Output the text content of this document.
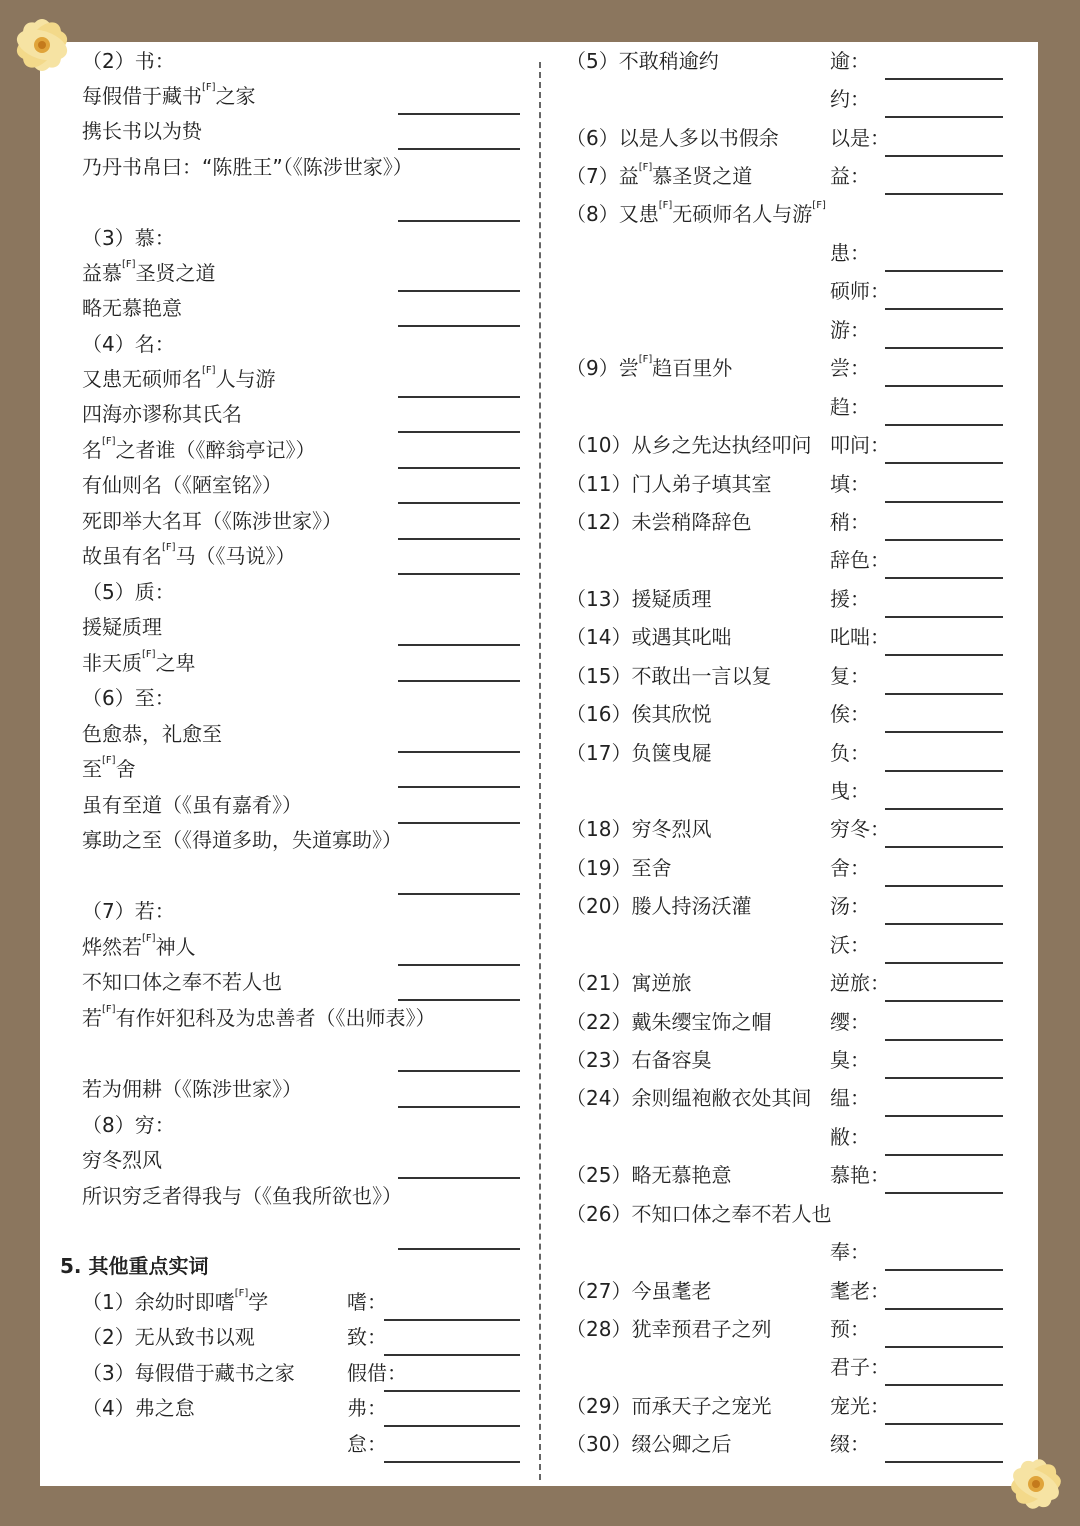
（2）书：
每假借于藏书[F]之家
携长书以为贽
乃丹书帛曰：“陈胜王”（《陈涉世家》）
（3）慕：
益慕[F]圣贤之道
略无慕艳意
（4）名：
又患无硕师名[F]人与游
四海亦谬称其氏名
名[F]之者谁（《醉翁亭记》）
有仙则名（《陋室铭》）
死即举大名耳（《陈涉世家》）
故虽有名[F]马（《马说》）
（5）质：
援疑质理
非天质[F]之卑
（6）至：
色愈恭，礼愈至
至[F]舍
虽有至道（《虽有嘉肴》）
寡助之至（《得道多助，失道寡助》）
（7）若：
烨然若[F]神人
不知口体之奉不若人也
若[F]有作奸犯科及为忠善者（《出师表》）
若为佣耕（《陈涉世家》）
（8）穷：
穷冬烈风
所识穷乏者得我与（《鱼我所欲也》）
5. 其他重点实词
（1）余幼时即嗜[F]学	嗜：
（2）无从致书以观	致：
（3）每假借于藏书之家	假借：
（4）弗之怠	弗：
怠：
（5）不敢稍逾约	逾：
约：
（6）以是人多以书假余	以是：
（7）益[F]慕圣贤之道	益：
（8）又患[F]无硕师名人与游[F]
患：
硕师：
游：
（9）尝[F]趋百里外	尝：
趋：
（10）从乡之先达执经叩问 叩问：
（11）门人弟子填其室	填：
（12）未尝稍降辞色	稍：
辞色：
（13）援疑质理	援：
（14）或遇其叱咄	叱咄：
（15）不敢出一言以复	复：
（16）俟其欣悦	俟：
（17）负箧曳屣	负：
曳：
（18）穷冬烈风	穷冬：
（19）至舍	舍：
（20）媵人持汤沃灌	汤：
沃：
（21）寓逆旅	逆旅：
（22）戴朱缨宝饰之帽	缨：
（23）右备容臭	臭：
（24）余则缊袍敝衣处其间 缊：
敝：
（25）略无慕艳意	慕艳：
（26）不知口体之奉不若人也
奉：
（27）今虽耄老	耄老：
（28）犹幸预君子之列	预：
君子：
（29）而承天子之宠光	宠光：
（30）缀公卿之后	缀：
